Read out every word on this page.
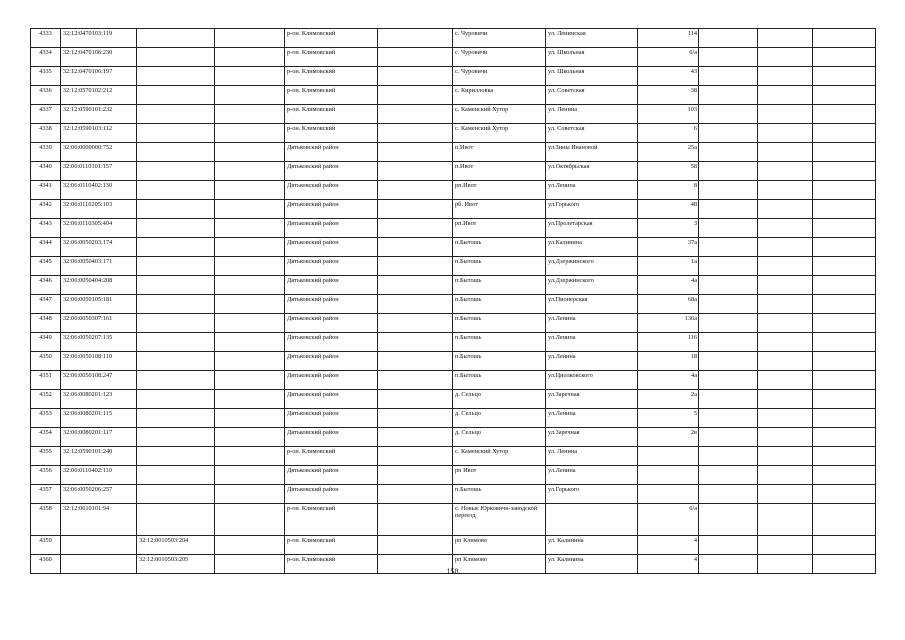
4333	32:12:0470103:119			р-он. Климовский		с. Чуровичи	ул. Ленинская	114			
4334	32:12:0470106:230			р-он. Климовский		с. Чуровичи	ул. Школьная	6/а			
4335	32:12:0470106:197			р-он. Климовский		с. Чуровичи	ул. Школьная	43			
4336	32:12:0570102:212			р-он. Климовский		с. Кирилловка	ул. Советская	38			
4337	32:12:0590101:232			р-он. Климовский		с. Каменский Хутор	ул. Ленина	103			
4338	32:12:0590103:112			р-он. Климовский		с. Каменский Хутор	ул. Советская	6			
4339	32:06:0000000:752			Дятьковский район		п.Ивот	ул.Зины Ивановой	25а			
4340	32:06:0110101:157			Дятьковский район		п.Ивот	ул.Октябрьская	58			
4341	32:06:0110402:130			Дятьковский район		рп.Ивот	ул.Ленина	8			
4342	32:06:0110205:103			Дятьковский район		рб. Ивот	ул.Горького	48			
4343	32:06:0110305:404			Дятьковский район		рп.Ивот	ул.Пролетарская	3			
4344	32:06:0050203:174			Дятьковский район		п.Бытошь	ул.Калинина	37а			
4345	32:06:0050403:171			Дятьковский район		п.Бытошь	ул.Дзержинского	1а			
4346	32:06:0050404:208			Дятьковский район		п.Бытошь	ул.Дзержинского	4а			
4347	32:06:0050105:181			Дятьковский район		п.Бытошь	ул.Пионерская	68а			
4348	32:06:0050307:161			Дятьковский район		п.Бытошь	ул.Ленина	136а			
4349	32:06:0050207:135			Дятьковский район		п.Бытошь	ул.Ленина	116			
4350	32:06:0050108:110			Дятьковский район		п.Бытошь	ул.Ленина	18			
4351	32:06:0050108:247			Дятьковский район		п.Бытошь	ул.Циолковского	4а			
4352	32:06:0080201:123			Дятьковский район		д. Сельцо	ул.Заречная	2а			
4353	32:06:0080201:115			Дятьковский район		д. Сельцо	ул.Ленина	5			
4354	32:06:0080201:117			Дятьковский район		д. Сельцо	ул.Заречная	2в			
4355	32:12:0590101:240			р-он. Климовский		с. Каменский Хутор	ул. Ленина				
4356	32:06:0110402:110			Дятьковский район		рп Ивот	ул.Ленина				
4357	32:06:0050206:257			Дятьковский район		п.Бытошь	ул.Горького				
4358	32:12:0610101:94			р-он. Климовский		с. Новые Юрковичи-заводской переезд		6/а			
4359		32:12:0010503:204		р-он. Климовский		рп Климово	ул. Калинина	4			
4360		32:12:0010503:205		р-он. Климовский		рп Климово	ул. Калинина	4			
158
